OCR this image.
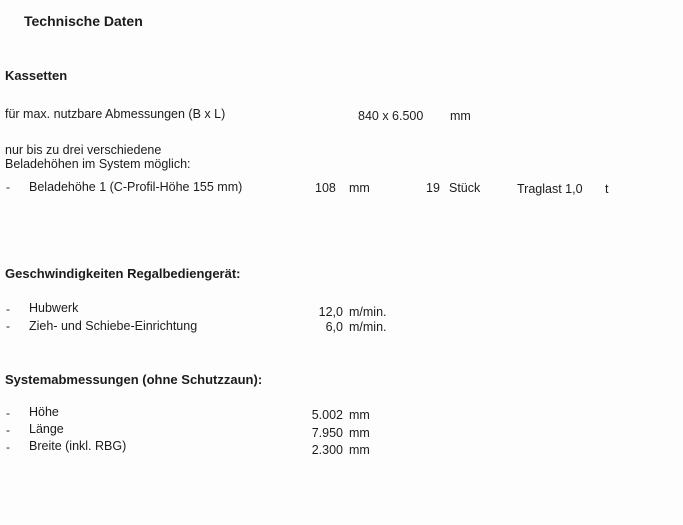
Technische Daten
Kassetten
für max. nutzbare Abmessungen (B x L)	840 x 6.500 mm
nur bis zu drei verschiedene
Beladehöhen im System möglich:
- Beladehöhe 1 (C-Profil-Höhe 155 mm)	108 mm	19 Stück	Traglast 1,0 t
Geschwindigkeiten Regalbediengerät:
- Hubwerk	12,0 m/min.
- Zieh- und Schiebe-Einrichtung	6,0 m/min.
Systemabmessungen (ohne Schutzzaun):
- Höhe	5.002 mm
- Länge	7.950 mm
- Breite (inkl. RBG)	2.300 mm
